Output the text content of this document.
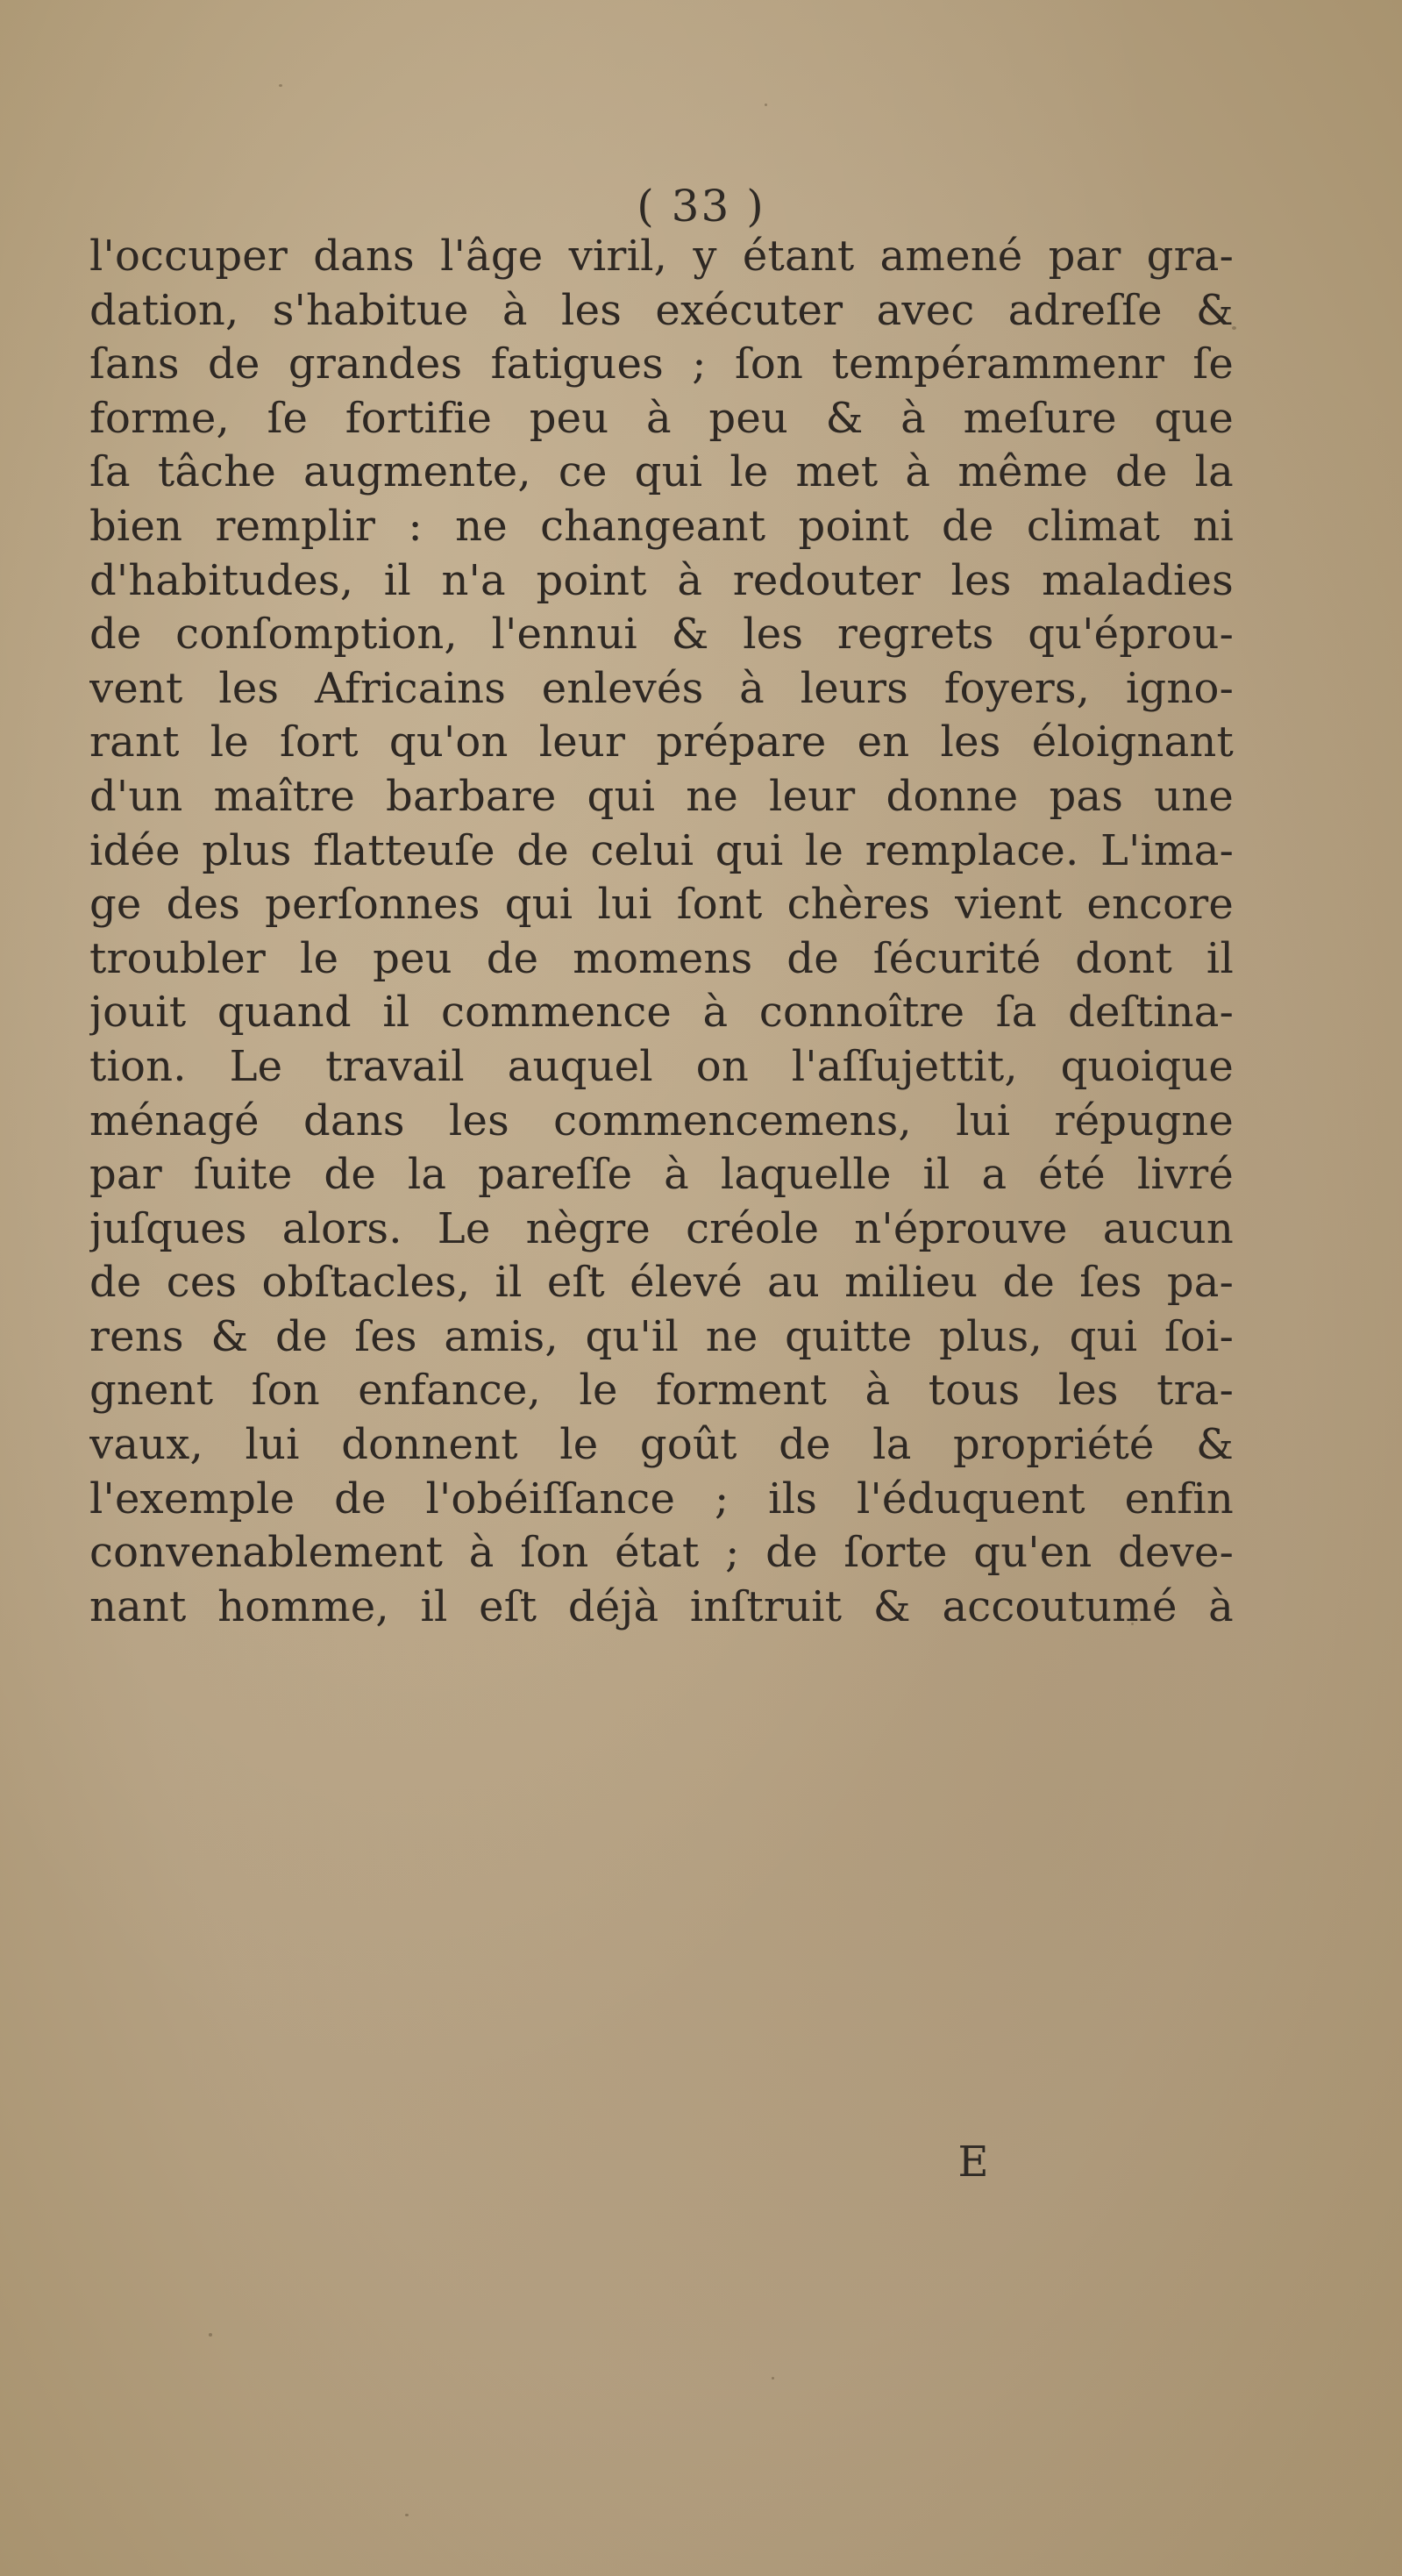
( 33 )
l'occuper dans l'âge viril, y étant amené par gra-
dation, s'habitue à les exécuter avec adreſſe &
ſans de grandes fatigues ; ſon tempérammenr ſe
forme, ſe fortifie peu à peu & à meſure que
ſa tâche augmente, ce qui le met à même de la
bien remplir : ne changeant point de climat ni
d'habitudes, il n'a point à redouter les maladies
de conſomption, l'ennui & les regrets qu'éprou-
vent les Africains enlevés à leurs foyers, igno-
rant le ſort qu'on leur prépare en les éloignant
d'un maître barbare qui ne leur donne pas une
idée plus flatteuſe de celui qui le remplace. L'ima-
ge des perſonnes qui lui ſont chères vient encore
troubler le peu de momens de ſécurité dont il
jouit quand il commence à connoître ſa deſtina-
tion. Le travail auquel on l'aſſujettit, quoique
ménagé dans les commencemens, lui répugne
par ſuite de la pareſſe à laquelle il a été livré
juſques alors. Le nègre créole n'éprouve aucun
de ces obſtacles, il eſt élevé au milieu de ſes pa-
rens & de ſes amis, qu'il ne quitte plus, qui ſoi-
gnent ſon enfance, le forment à tous les tra-
vaux, lui donnent le goût de la propriété &
l'exemple de l'obéiſſance ; ils l'éduquent enfin
convenablement à ſon état ; de ſorte qu'en deve-
nant homme, il eſt déjà inſtruit & accoutumé à
E
